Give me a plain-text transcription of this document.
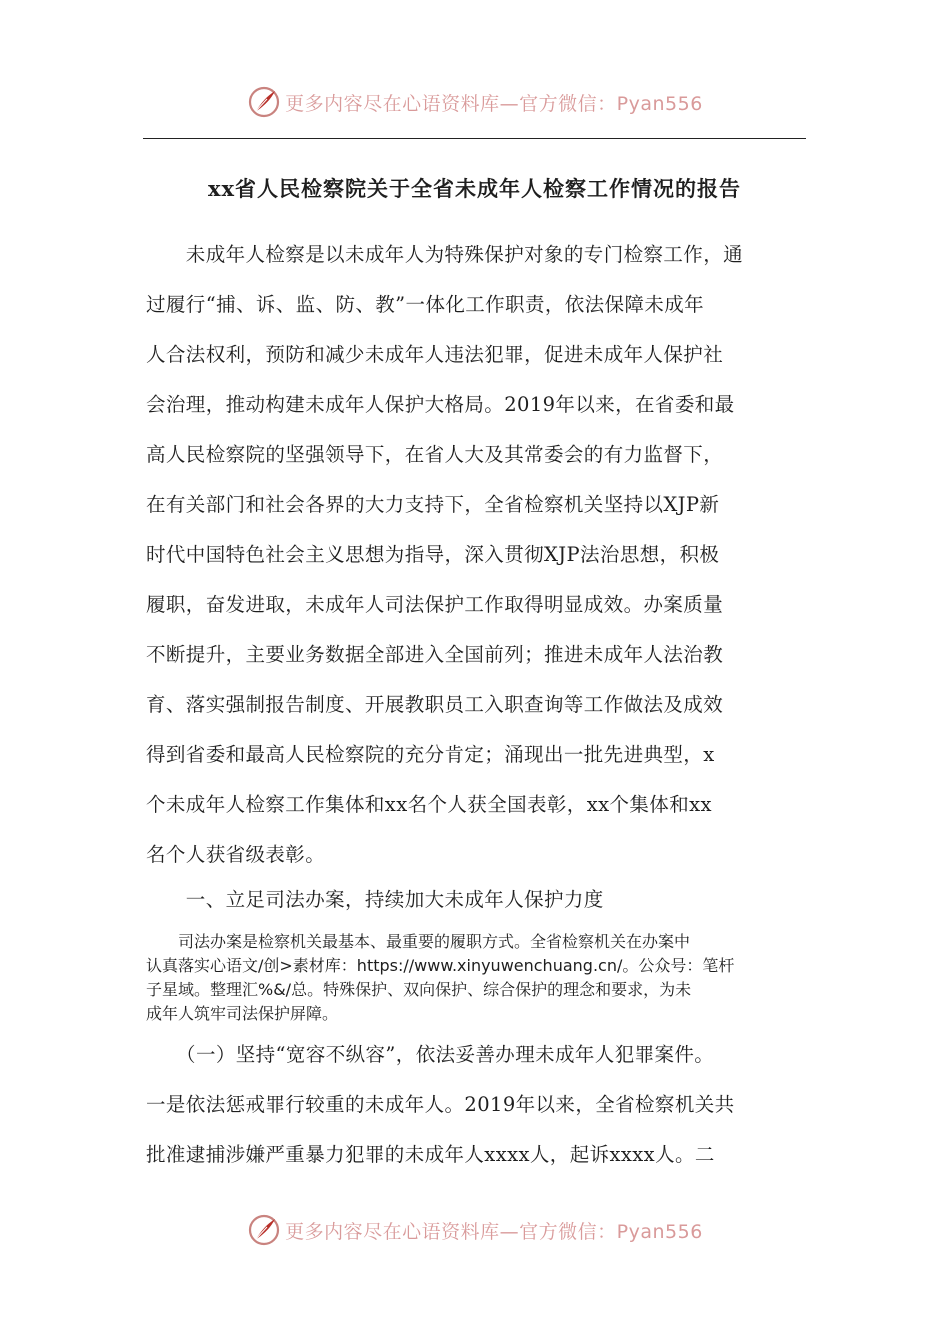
更多内容尽在心语资料库—官方微信：Pyan556
xx省人民检察院关于全省未成年人检察工作情况的报告
　　未成年人检察是以未成年人为特殊保护对象的专门检察工作，通
过履行“捕、诉、监、防、教”一体化工作职责，依法保障未成年
人合法权利，预防和减少未成年人违法犯罪，促进未成年人保护社
会治理，推动构建未成年人保护大格局。2019年以来，在省委和最
高人民检察院的坚强领导下，在省人大及其常委会的有力监督下，
在有关部门和社会各界的大力支持下，全省检察机关坚持以XJP新
时代中国特色社会主义思想为指导，深入贯彻XJP法治思想，积极
履职，奋发进取，未成年人司法保护工作取得明显成效。办案质量
不断提升，主要业务数据全部进入全国前列；推进未成年人法治教
育、落实强制报告制度、开展教职员工入职查询等工作做法及成效
得到省委和最高人民检察院的充分肯定；涌现出一批先进典型，x
个未成年人检察工作集体和xx名个人获全国表彰，xx个集体和xx
名个人获省级表彰。
　　一、立足司法办案，持续加大未成年人保护力度
　　司法办案是检察机关最基本、最重要的履职方式。全省检察机关在办案中
认真落实心语文/创>素材库：https://www.xinyuwenchuang.cn/。公众号：笔杆
子星域。整理汇%&/总。特殊保护、双向保护、综合保护的理念和要求，为未
成年人筑牢司法保护屏障。
　　（一）坚持“宽容不纵容”，依法妥善办理未成年人犯罪案件。
一是依法惩戒罪行较重的未成年人。2019年以来，全省检察机关共
批准逮捕涉嫌严重暴力犯罪的未成年人xxxx人，起诉xxxx人。二
更多内容尽在心语资料库—官方微信：Pyan556
